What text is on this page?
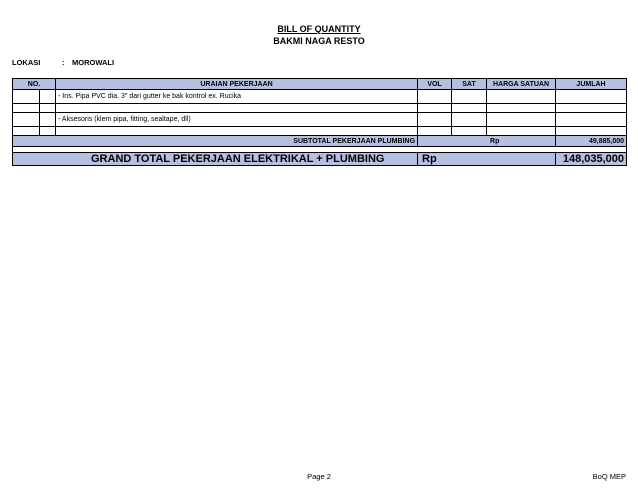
BILL OF QUANTITY
BAKMI NAGA RESTO
LOKASI	: MOROWALI
NO.		URAIAN PEKERJAAN	VOL	SAT	HARGA SATUAN	JUMLAH
		- Ins. Pipa PVC dia. 3" dari gutter ke bak kontrol ex. Rucika				

		- Aksesoris (klem pipa, fitting, sealtape, dll)				

SUBTOTAL PEKERJAAN PLUMBING			Rp			49,885,000

GRAND TOTAL PEKERJAAN ELEKTRIKAL + PLUMBING			Rp			148,035,000
Page 2	BoQ MEP
